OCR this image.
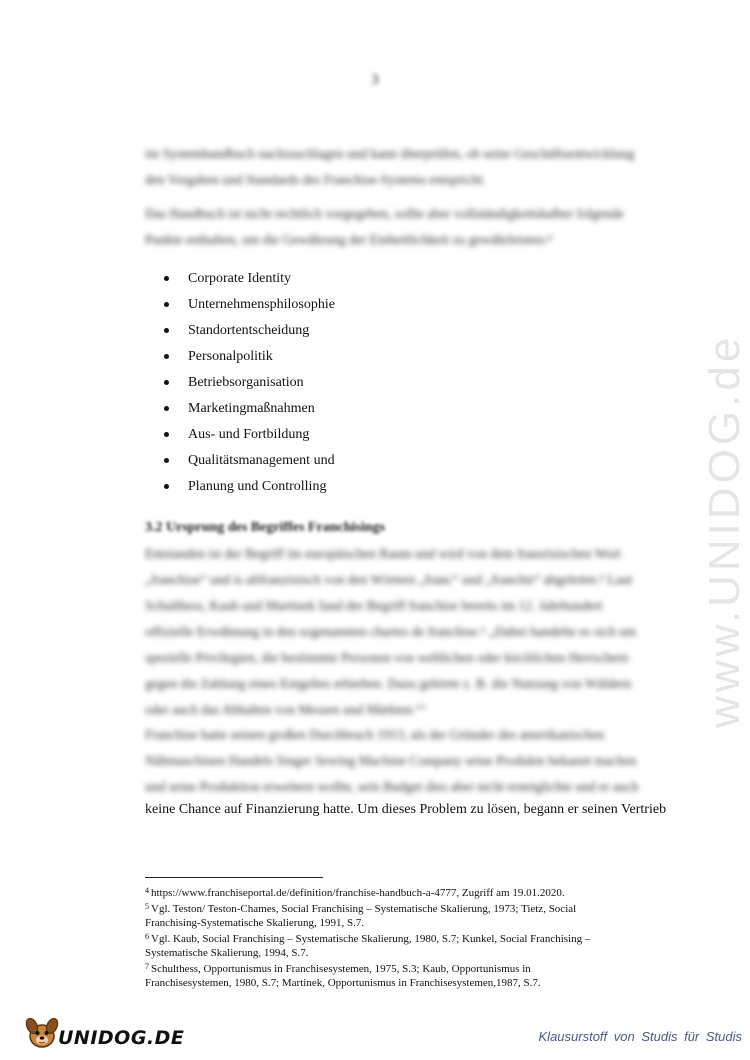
3
im Systemhandbuch nachzuschlagen und kann überprüfen, ob seine Geschäftsentwicklung
den Vorgaben und Standards des Franchise-Systems entspricht.
Das Handbuch ist nicht rechtlich vorgegeben, sollte aber vollständigkeitshalber folgende
Punkte enthalten, um die Gewährung der Einheitlichkeit zu gewährleisten:⁴
Corporate Identity
Unternehmensphilosophie
Standortentscheidung
Personalpolitik
Betriebsorganisation
Marketingmaßnahmen
Aus- und Fortbildung
Qualitätsmanagement und
Planung und Controlling
3.2 Ursprung des Begriffes Franchisings
Entstanden ist der Begriff im europäischen Raum und wird von dem französischen Wort
„franchise“ und is altfranzösisch von den Wörtern „franc“ und „franchir“ abgeleitet.⁵ Laut
Schulthess, Kaub und Martinek fand der Begriff franchise bereits im 12. Jahrhundert
offizielle Erwähnung in den sogenannten chartes de franchise.⁶ „Dabei handelte es sich um
spezielle Privilegien, die bestimmte Personen von weltlichen oder kirchlichen Herrschern
gegen die Zahlung eines Entgeltes erhielten. Dazu gehörte z. B. die Nutzung von Wäldern
oder auch das Abhalten von Messen und Märkten.“⁷
Franchise hatte seinen großen Durchbruch 1913, als der Gründer des amerikanischen
Nähmaschinen Handels Singer Sewing Machine Company seine Produkte bekannt machen
und seine Produktion erweitern wollte, sein Budget dies aber nicht ermöglichte und er auch
keine Chance auf Finanzierung hatte. Um dieses Problem zu lösen, begann er seinen Vertrieb

$^4$ https://www.franchiseportal.de/definition/franchise-handbuch-a-4777, Zugriff am 19.01.2020.

$^5$ Vgl. Teston/ Teston-Chames, Social Franchising – Systematische Skalierung, 1973; Tietz, Social
Franchising-Systematische Skalierung, 1991, S.7.

$^6$ Vgl. Kaub, Social Franchising – Systematische Skalierung, 1980, S.7; Kunkel, Social Franchising –
Systematische Skalierung, 1994, S.7.

$^7$ Schulthess, Opportunismus in Franchisesystemen, 1975, S.3; Kaub, Opportunismus in
Franchisesystemen, 1980, S.7; Martinek, Opportunismus in Franchisesystemen,1987, S.7.

www.UNIDOG.de
UNIDOG.DE	Klausurstoff von Studis für Studis
